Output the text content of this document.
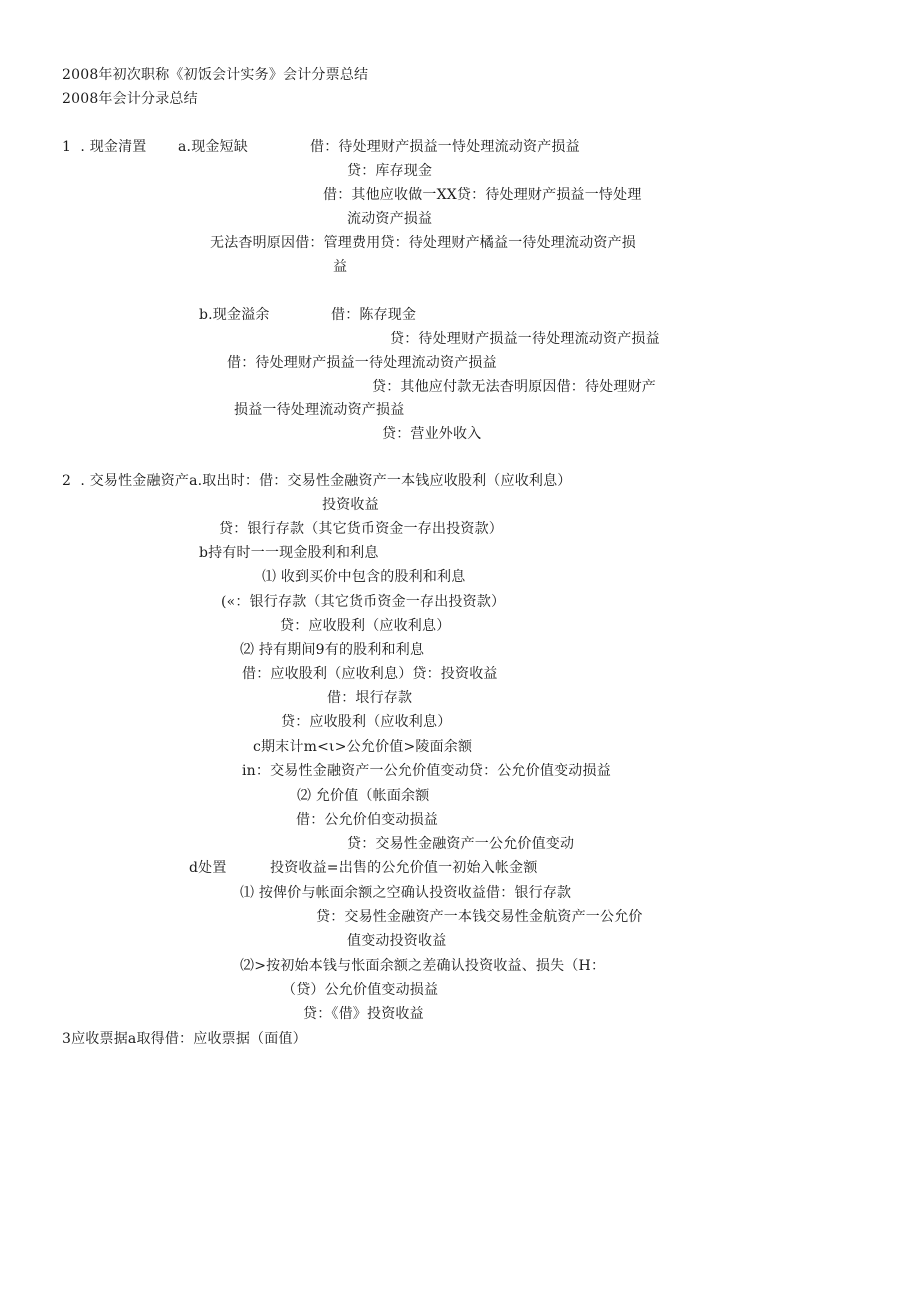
2008年初次职称《初饭会计实务》会计分票总结
2008年会计分录总结
1  . 现金清置 a.现金短缺	借：待处理财产损益一恃处理流动资产损益
贷：库存现金
借：其他应收做一XX贷：待处理财产损益一恃处理
流动资产损益
无法杳明原因借：管理费用贷：待处理财产橘益一待处理流动资产损
益
b.现金溢余	借：陈存现金
贷：待处理财产损益一待处理流动资产损益
借：待处理财产损益一待处理流动资产损益
贷：其他应付款无法杳明原因借：待处理财产
损益一待处理流动资产损益
贷：营业外收入
2  . 交易性金融资产a.取出时：借：交易性金融资产一本钱应收股利（应收利息）
投资收益
贷：银行存款（其它货币资金一存出投资款）
b持有时一一现金股利和利息
⑴ 收到买价中包含的股利和利息
(«：银行存款（其它货币资金一存出投资款）
贷：应收股利（应收利息）
⑵ 持有期间9有的股利和利息
借：应收股利（应收利息）贷：投资收益
借：垠行存款
贷：应收股利（应收利息）
c期末计m<ι>公允价值>陵面余额
in：交易性金融资产一公允价值变动贷：公允价值变动损益
⑵ 允价值（帐面余额
借：公允价伯变动损益
贷：交易性金融资产一公允价值变动
d处置	投资收益=岀售的公允价值一初始入帐金额
⑴ 按俾价与帐面余额之空确认投资收益借：银行存款
贷：交易性金融资产一本钱交易性金航资产一公允价
值变动投资收益
⑵>按初始本钱与怅面余额之差确认投资收益、损失（H：
（贷）公允价值变动损益
贷：《借》投资收益
3应收票据a取得借：应收票据（面值）
